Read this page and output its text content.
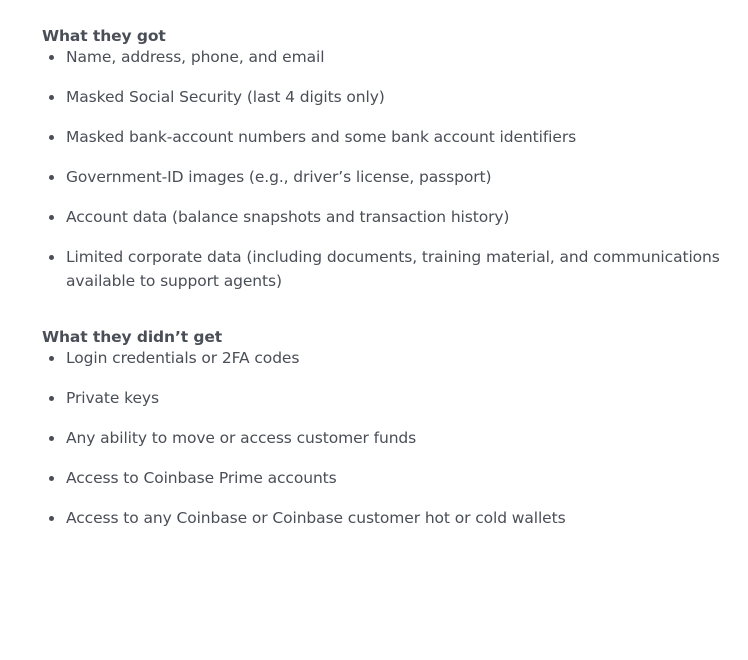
What they got
Name, address, phone, and email
Masked Social Security (last 4 digits only)
Masked bank-account numbers and some bank account identifiers
Government-ID images (e.g., driver’s license, passport)
Account data (balance snapshots and transaction history)
Limited corporate data (including documents, training material, and communications available to support agents)
What they didn’t get
Login credentials or 2FA codes
Private keys
Any ability to move or access customer funds
Access to Coinbase Prime accounts
Access to any Coinbase or Coinbase customer hot or cold wallets
